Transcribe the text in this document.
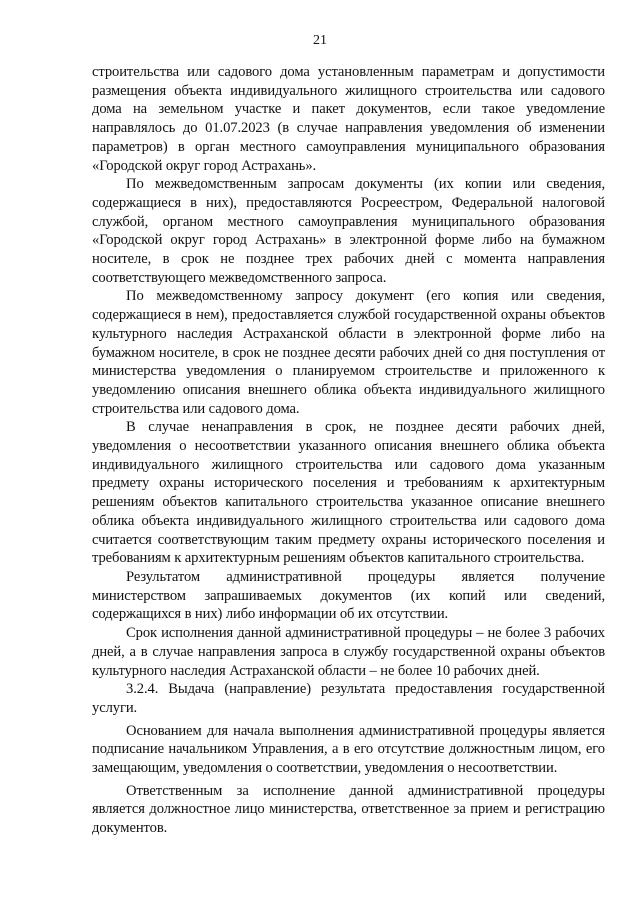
21

строительства или садового дома установленным параметрам и допустимости размещения объекта индивидуального жилищного строительства или садового дома на земельном участке и пакет документов, если такое уведомление направлялось до 01.07.2023 (в случае направления уведомления об изменении параметров) в орган местного самоуправления муниципального образования «Городской округ город Астрахань».

По межведомственным запросам документы (их копии или сведения, содержащиеся в них), предоставляются Росреестром, Федеральной налоговой службой, органом местного самоуправления муниципального образования «Городской округ город Астрахань» в электронной форме либо на бумажном носителе, в срок не позднее трех рабочих дней с момента направления соответствующего межведомственного запроса.

По межведомственному запросу документ (его копия или сведения, содержащиеся в нем), предоставляется службой государственной охраны объектов культурного наследия Астраханской области в электронной форме либо на бумажном носителе, в срок не позднее десяти рабочих дней со дня поступления от министерства уведомления о планируемом строительстве и приложенного к уведомлению описания внешнего облика объекта индивидуального жилищного строительства или садового дома.

В случае ненаправления в срок, не позднее десяти рабочих дней, уведомления о несоответствии указанного описания внешнего облика объекта индивидуального жилищного строительства или садового дома указанным предмету охраны исторического поселения и требованиям к архитектурным решениям объектов капитального строительства указанное описание внешнего облика объекта индивидуального жилищного строительства или садового дома считается соответствующим таким предмету охраны исторического поселения и требованиям к архитектурным решениям объектов капитального строительства.

Результатом административной процедуры является получение министерством запрашиваемых документов (их копий или сведений, содержащихся в них) либо информации об их отсутствии.

Срок исполнения данной административной процедуры – не более 3 рабочих дней, а в случае направления запроса в службу государственной охраны объектов культурного наследия Астраханской области – не более 10 рабочих дней.

3.2.4. Выдача (направление) результата предоставления государственной услуги.

Основанием для начала выполнения административной процедуры является подписание начальником Управления, а в его отсутствие должностным лицом, его замещающим, уведомления о соответствии, уведомления о несоответствии.

Ответственным за исполнение данной административной процедуры является должностное лицо министерства, ответственное за прием и регистрацию документов.
